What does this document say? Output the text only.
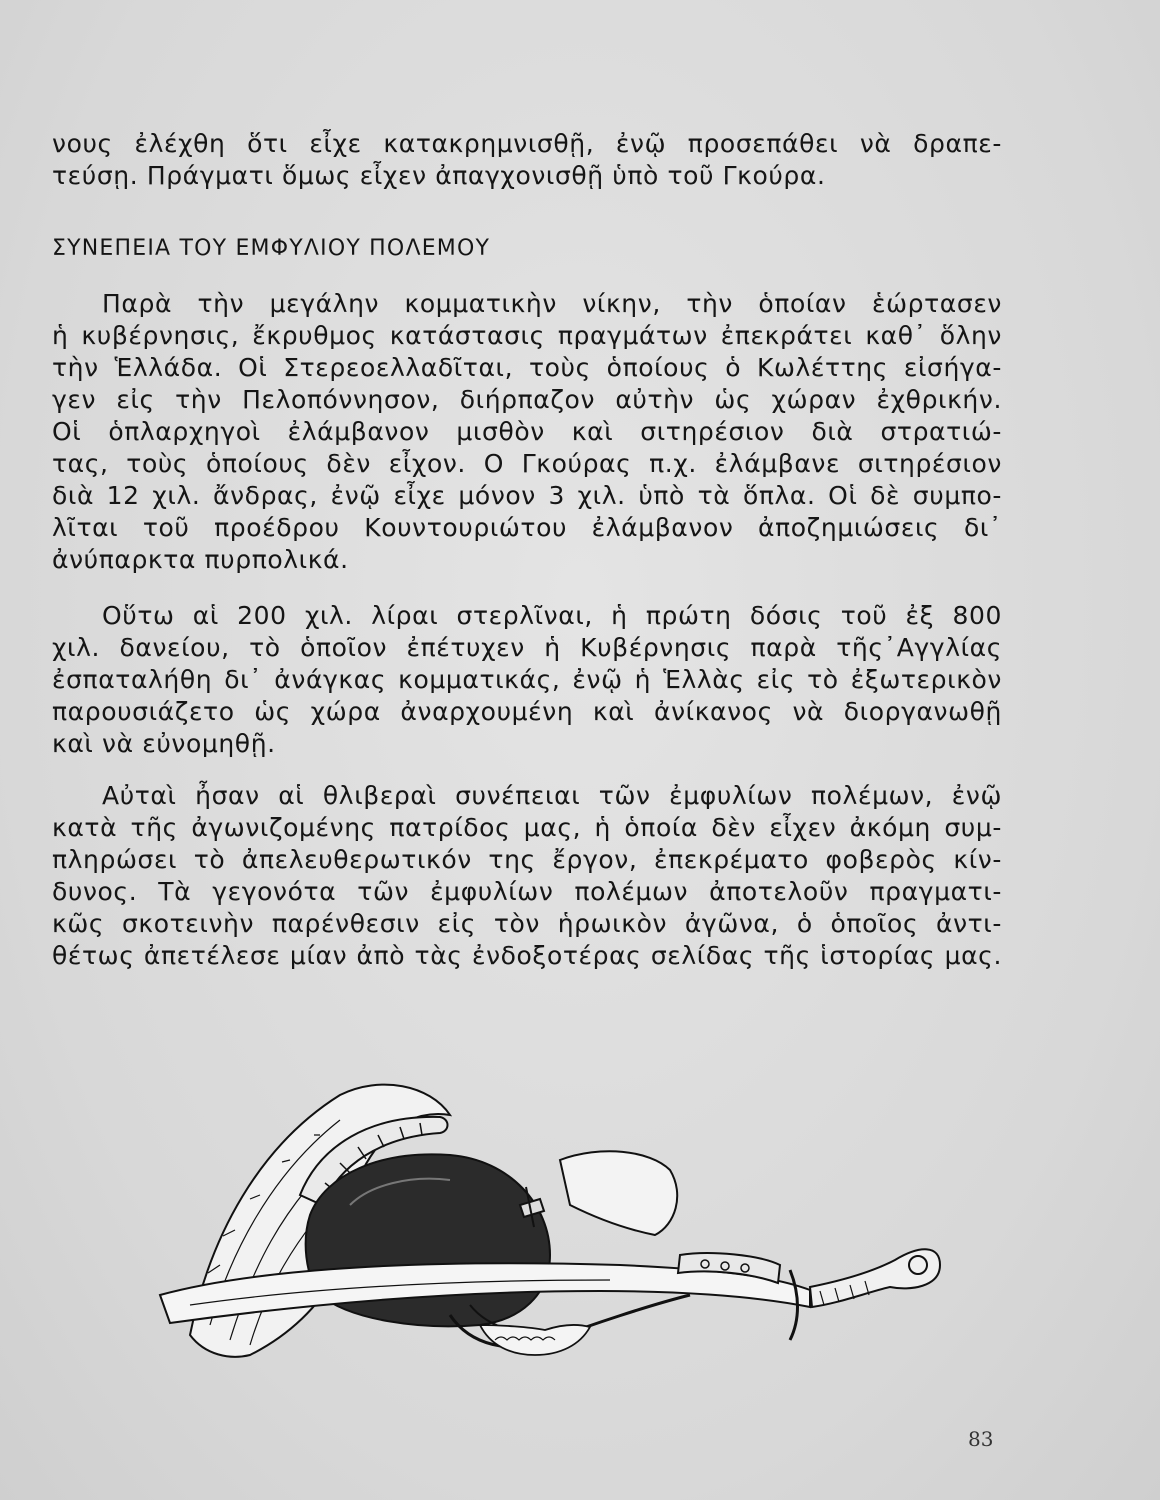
νους ἐλέχθη ὅτι εἶχε κατακρημνισθῇ, ἐνῷ προσεπάθει νὰ δραπε-
τεύσῃ. Πράγματι ὅμως εἶχεν ἀπαγχονισθῇ ὑπὸ τοῦ Γκούρα.
ΣΥΝΕΠΕΙΑ ΤΟΥ ΕΜΦΥΛΙΟΥ ΠΟΛΕΜΟΥ
Παρὰ τὴν μεγάλην κομματικὴν νίκην, τὴν ὁποίαν ἑώρτασεν
ἡ κυβέρνησις, ἔκρυθμος κατάστασις πραγμάτων ἐπεκράτει καθ᾽ ὅλην
τὴν Ἑλλάδα. Οἱ Στερεοελλαδῖται, τοὺς ὁποίους ὁ Κωλέττης εἰσήγα-
γεν εἰς τὴν Πελοπόννησον, διήρπαζον αὐτὴν ὡς χώραν ἐχθρικήν.
Οἱ ὁπλαρχηγοὶ ἐλάμβανον μισθὸν καὶ σιτηρέσιον διὰ στρατιώ-
τας, τοὺς ὁποίους δὲν εἶχον. Ο Γκούρας π.χ. ἐλάμβανε σιτηρέσιον
διὰ 12 χιλ. ἄνδρας, ἐνῷ εἶχε μόνον 3 χιλ. ὑπὸ τὰ ὅπλα. Οἱ δὲ συμπο-
λῖται τοῦ προέδρου Κουντουριώτου ἐλάμβανον ἀποζημιώσεις δι᾽
ἀνύπαρκτα πυρπολικά.
Οὕτω αἱ 200 χιλ. λίραι στερλῖναι, ἡ πρώτη δόσις τοῦ ἐξ 800
χιλ. δανείου, τὸ ὁποῖον ἐπέτυχεν ἡ Κυβέρνησις παρὰ τῆς᾽Αγγλίας
ἐσπαταλήθη δι᾽ ἀνάγκας κομματικάς, ἐνῷ ἡ Ἑλλὰς εἰς τὸ ἐξωτερικὸν
παρουσιάζετο ὡς χώρα ἀναρχουμένη καὶ ἀνίκανος νὰ διοργανωθῇ
καὶ νὰ εὐνομηθῇ.
Αὐταὶ ἦσαν αἱ θλιβεραὶ συνέπειαι τῶν ἐμφυλίων πολέμων, ἐνῷ
κατὰ τῆς ἀγωνιζομένης πατρίδος μας, ἡ ὁποία δὲν εἶχεν ἀκόμη συμ-
πληρώσει τὸ ἀπελευθερωτικόν της ἔργον, ἐπεκρέματο φοβερὸς κίν-
δυνος. Τὰ γεγονότα τῶν ἐμφυλίων πολέμων ἀποτελοῦν πραγματι-
κῶς σκοτεινὴν παρένθεσιν εἰς τὸν ἡρωικὸν ἀγῶνα, ὁ ὁποῖος ἀντι-
θέτως ἀπετέλεσε μίαν ἀπὸ τὰς ἐνδοξοτέρας σελίδας τῆς ἱστορίας μας.
83
